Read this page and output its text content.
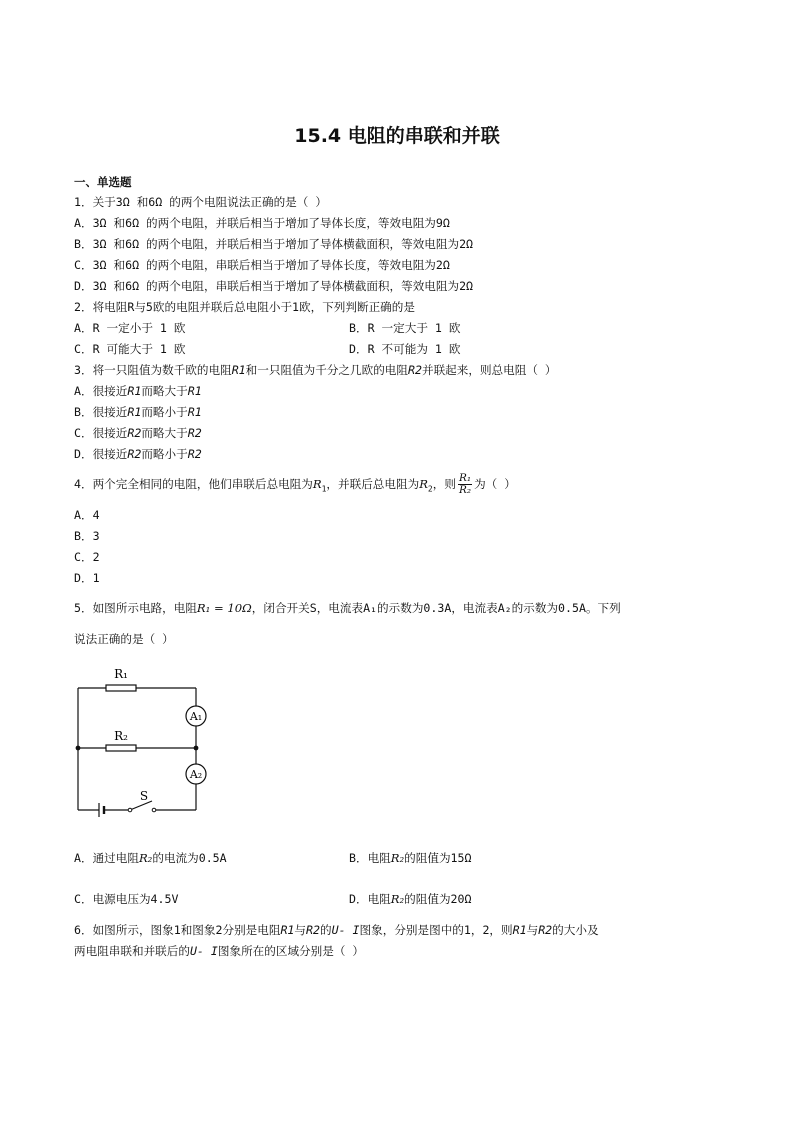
15.4 电阻的串联和并联
一、单选题
1．关于3Ω 和6Ω 的两个电阻说法正确的是（ ）
A．3Ω 和6Ω 的两个电阻，并联后相当于增加了导体长度，等效电阻为9Ω
B．3Ω 和6Ω 的两个电阻，并联后相当于增加了导体横截面积，等效电阻为2Ω
C．3Ω 和6Ω 的两个电阻，串联后相当于增加了导体长度，等效电阻为2Ω
D．3Ω 和6Ω 的两个电阻，串联后相当于增加了导体横截面积，等效电阻为2Ω
2．将电阻R与5欧的电阻并联后总电阻小于1欧，下列判断正确的是
A．R 一定小于 1 欧	B．R 一定大于 1 欧
C．R 可能大于 1 欧	D．R 不可能为 1 欧
3．将一只阻值为数千欧的电阻R1和一只阻值为千分之几欧的电阻R2并联起来，则总电阻（ ）
A．很接近R1而略大于R1
B．很接近R1而略小于R1
C．很接近R2而略大于R2
D．很接近R2而略小于R2
4．两个完全相同的电阻，他们串联后总电阻为$R_1$，并联后总电阻为$R_2$，则 $\frac{\text{R₁}}{\text{R₂}}$ 为（ ）
A．4
B．3
C．2
D．1
5．如图所示电路，电阻R₁ = 10Ω，闭合开关S，电流表A₁的示数为0.3A，电流表A₂的示数为0.5A。下列
说法正确的是（ ）
R₁
R₂
A₁
A₂
S
A．通过电阻R₂的电流为0.5A	B．电阻R₂的阻值为15Ω
C．电源电压为4.5V	D．电阻R₂的阻值为20Ω
6．如图所示，图象1和图象2分别是电阻R1与R2的U- I图象，分别是图中的1，2，则R1与R2的大小及
两电阻串联和并联后的U- I图象所在的区域分别是（ ）
